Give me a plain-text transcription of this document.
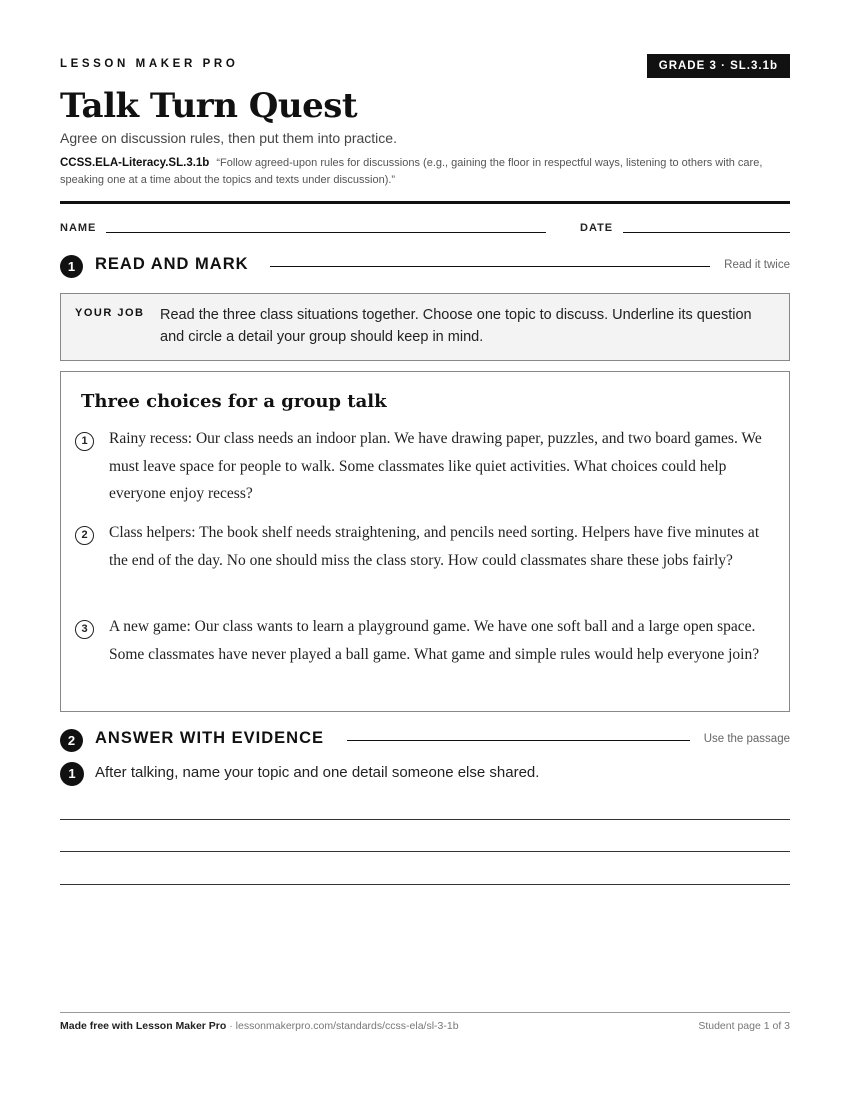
LESSON MAKER PRO	GRADE 3 · SL.3.1b
Talk Turn Quest
Agree on discussion rules, then put them into practice.
CCSS.ELA-Literacy.SL.3.1b “Follow agreed-upon rules for discussions (e.g., gaining the floor in respectful ways, listening to others with care, speaking one at a time about the topics and texts under discussion).”
NAME	DATE
1	READ AND MARK	Read it twice
YOUR JOB Read the three class situations together. Choose one topic to discuss. Underline its question and circle a detail your group should keep in mind.
Three choices for a group talk
1	Rainy recess: Our class needs an indoor plan. We have drawing paper, puzzles, and two board games. We must leave space for people to walk. Some classmates like quiet activities. What choices could help everyone enjoy recess?
2	Class helpers: The book shelf needs straightening, and pencils need sorting. Helpers have five minutes at the end of the day. No one should miss the class story. How could classmates share these jobs fairly?
3	A new game: Our class wants to learn a playground game. We have one soft ball and a large open space. Some classmates have never played a ball game. What game and simple rules would help everyone join?
2	ANSWER WITH EVIDENCE	Use the passage
1	After talking, name your topic and one detail someone else shared.
Made free with Lesson Maker Pro · lessonmakerpro.com/standards/ccss-ela/sl-3-1b	Student page 1 of 3
